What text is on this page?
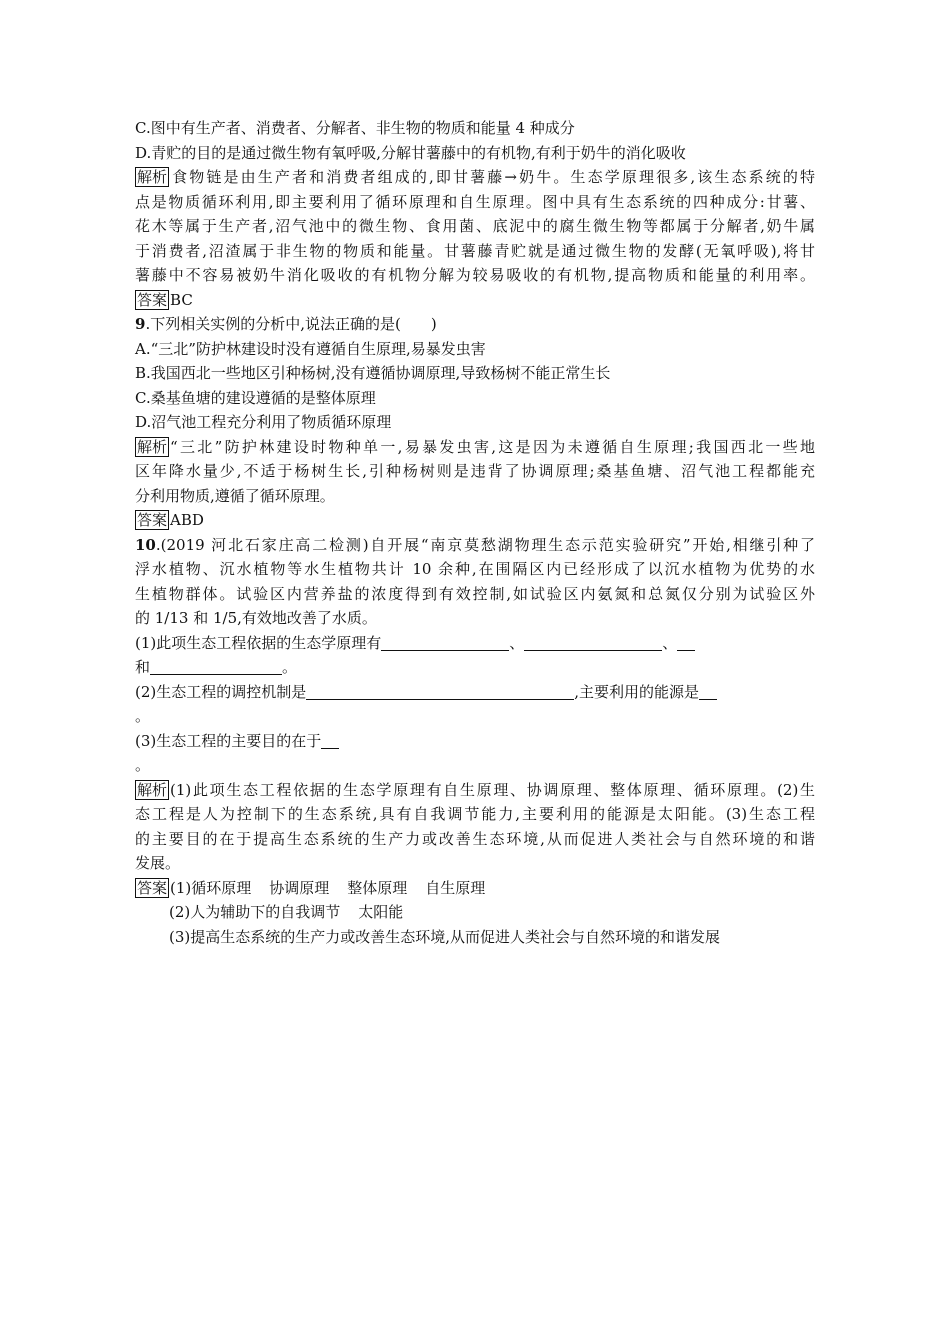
C.图中有生产者、消费者、分解者、非生物的物质和能量 4 种成分
D.青贮的目的是通过微生物有氧呼吸,分解甘薯藤中的有机物,有利于奶牛的消化吸收
解析 食物链是由生产者和消费者组成的,即甘薯藤→奶牛。生态学原理很多,该生态系统的特
点是物质循环利用,即主要利用了循环原理和自生原理。图中具有生态系统的四种成分:甘薯、
花木等属于生产者,沼气池中的微生物、食用菌、底泥中的腐生微生物等都属于分解者,奶牛属
于消费者,沼渣属于非生物的物质和能量。甘薯藤青贮就是通过微生物的发酵(无氧呼吸),将甘
薯藤中不容易被奶牛消化吸收的有机物分解为较易吸收的有机物,提高物质和能量的利用率。
答案 BC
9.下列相关实例的分析中,说法正确的是(　　)
A.“三北”防护林建设时没有遵循自生原理,易暴发虫害
B.我国西北一些地区引种杨树,没有遵循协调原理,导致杨树不能正常生长
C.桑基鱼塘的建设遵循的是整体原理
D.沼气池工程充分利用了物质循环原理
解析 “三北”防护林建设时物种单一,易暴发虫害,这是因为未遵循自生原理;我国西北一些地
区年降水量少,不适于杨树生长,引种杨树则是违背了协调原理;桑基鱼塘、沼气池工程都能充
分利用物质,遵循了循环原理。
答案 ABD
10.(2019 河北石家庄高二检测)自开展“南京莫愁湖物理生态示范实验研究”开始,相继引种了
浮水植物、沉水植物等水生植物共计 10 余种,在围隔区内已经形成了以沉水植物为优势的水
生植物群体。试验区内营养盐的浓度得到有效控制,如试验区内氨氮和总氮仅分别为试验区外
的 1/13 和 1/5,有效地改善了水质。
(1)此项生态工程依据的生态学原理有	、	、
和	。
(2)生态工程的调控机制是	,主要利用的能源是
。
(3)生态工程的主要目的在于
。
解析 (1)此项生态工程依据的生态学原理有自生原理、协调原理、整体原理、循环原理。(2)生
态工程是人为控制下的生态系统,具有自我调节能力,主要利用的能源是太阳能。(3)生态工程
的主要目的在于提高生态系统的生产力或改善生态环境,从而促进人类社会与自然环境的和谐
发展。
答案 (1)循环原理 协调原理 整体原理 自生原理
(2)人为辅助下的自我调节 太阳能
(3)提高生态系统的生产力或改善生态环境,从而促进人类社会与自然环境的和谐发展
